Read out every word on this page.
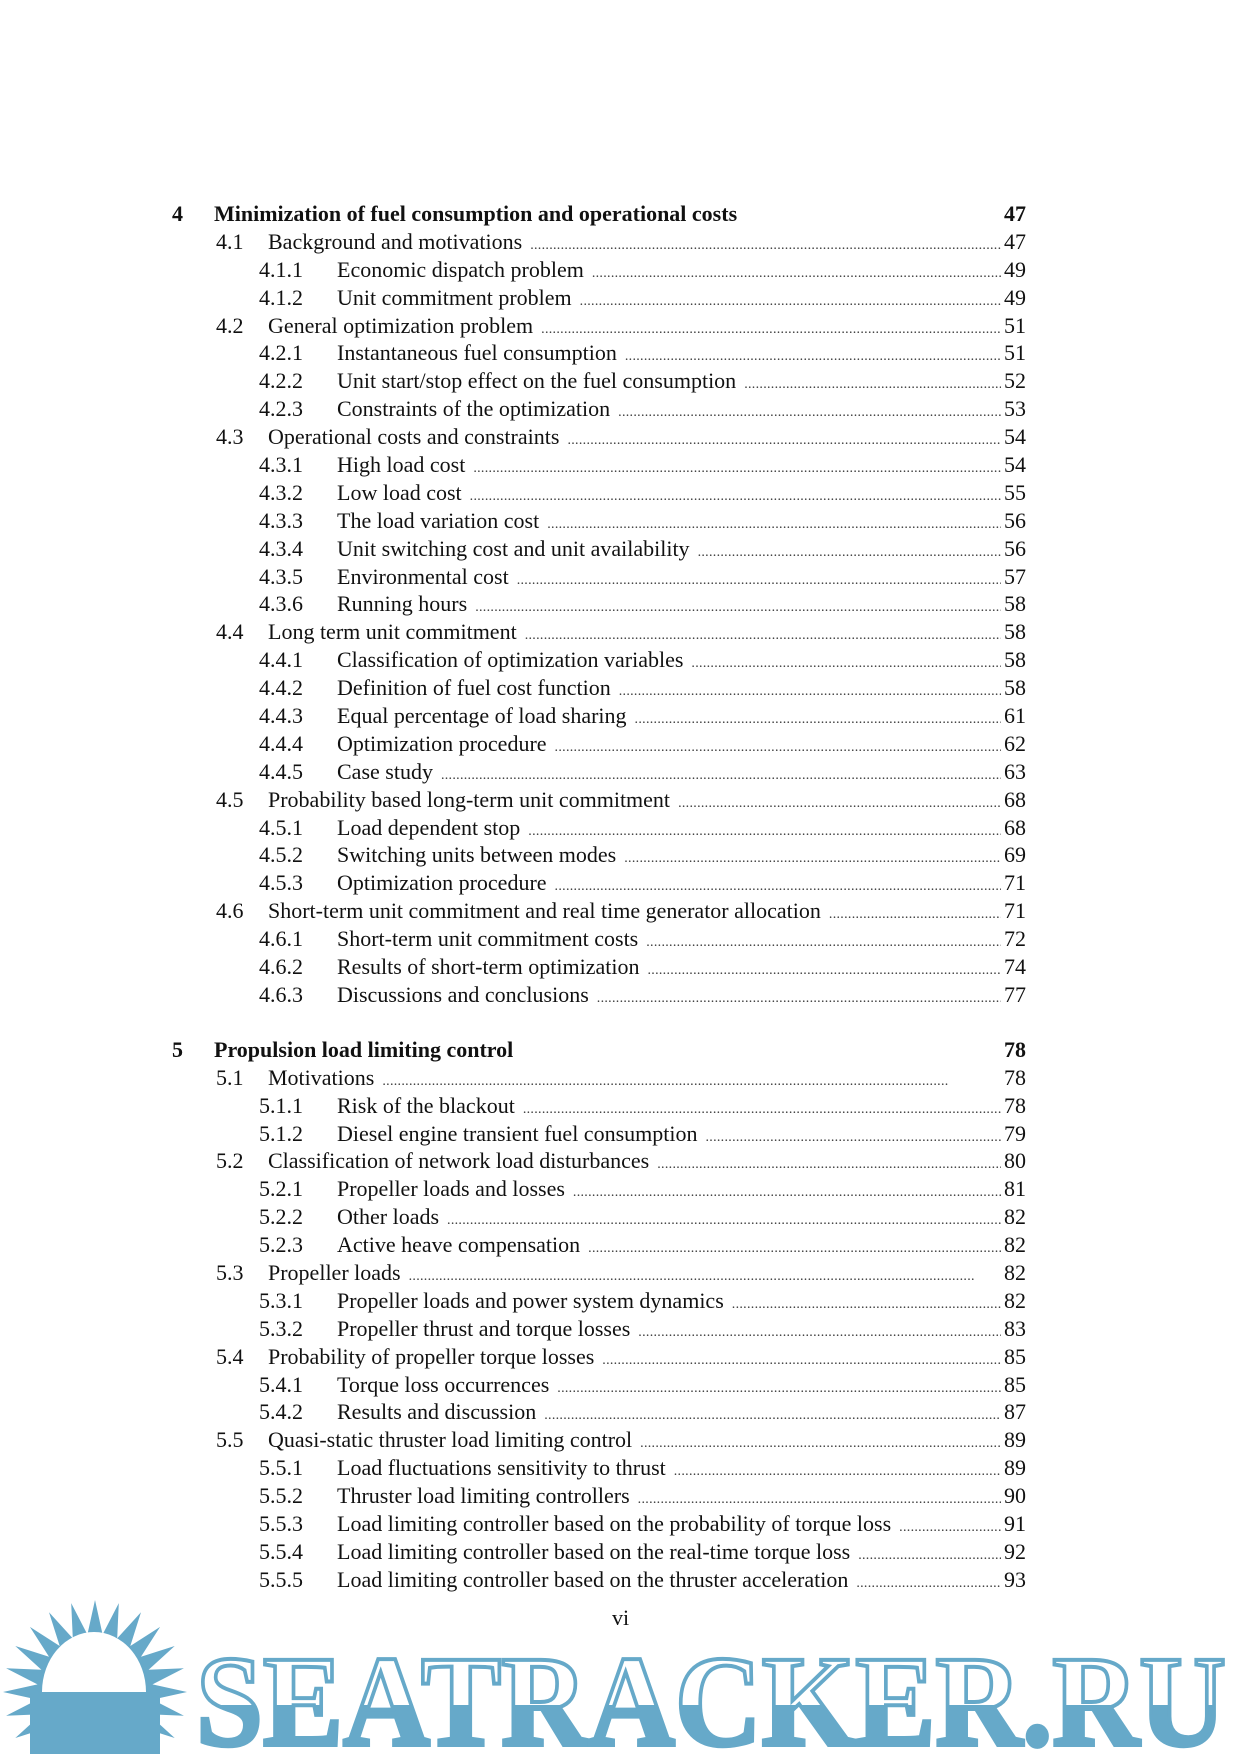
4	Minimization of fuel consumption and operational costs	47
4.1	Background and motivations . . .	47
4.1.1	Economic dispatch problem . . .	49
4.1.2	Unit commitment problem . . .	49
4.2	General optimization problem . . .	51
4.2.1	Instantaneous fuel consumption . . .	51
4.2.2	Unit start/stop effect on the fuel consumption . . .	52
4.2.3	Constraints of the optimization . . .	53
4.3	Operational costs and constraints . . .	54
4.3.1	High load cost . . .	54
4.3.2	Low load cost . . .	55
4.3.3	The load variation cost . . .	56
4.3.4	Unit switching cost and unit availability . . .	56
4.3.5	Environmental cost . . .	57
4.3.6	Running hours . . .	58
4.4	Long term unit commitment . . .	58
4.4.1	Classification of optimization variables . . .	58
4.4.2	Definition of fuel cost function . . .	58
4.4.3	Equal percentage of load sharing . . .	61
4.4.4	Optimization procedure . . .	62
4.4.5	Case study . . .	63
4.5	Probability based long-term unit commitment . . .	68
4.5.1	Load dependent stop . . .	68
4.5.2	Switching units between modes . . .	69
4.5.3	Optimization procedure . . .	71
4.6	Short-term unit commitment and real time generator allocation . . .	71
4.6.1	Short-term unit commitment costs . . .	72
4.6.2	Results of short-term optimization . . .	74
4.6.3	Discussions and conclusions . . .	77
5	Propulsion load limiting control	78
5.1	Motivations . . .	78
5.1.1	Risk of the blackout . . .	78
5.1.2	Diesel engine transient fuel consumption . . .	79
5.2	Classification of network load disturbances . . .	80
5.2.1	Propeller loads and losses . . .	81
5.2.2	Other loads . . .	82
5.2.3	Active heave compensation . . .	82
5.3	Propeller loads . . .	82
5.3.1	Propeller loads and power system dynamics . . .	82
5.3.2	Propeller thrust and torque losses . . .	83
5.4	Probability of propeller torque losses . . .	85
5.4.1	Torque loss occurrences . . .	85
5.4.2	Results and discussion . . .	87
5.5	Quasi-static thruster load limiting control . . .	89
5.5.1	Load fluctuations sensitivity to thrust . . .	89
5.5.2	Thruster load limiting controllers . . .	90
5.5.3	Load limiting controller based on the probability of torque loss . . .	91
5.5.4	Load limiting controller based on the real-time torque loss . . .	92
5.5.5	Load limiting controller based on the thruster acceleration . . .	93
SEATRACKER.RU
vi
